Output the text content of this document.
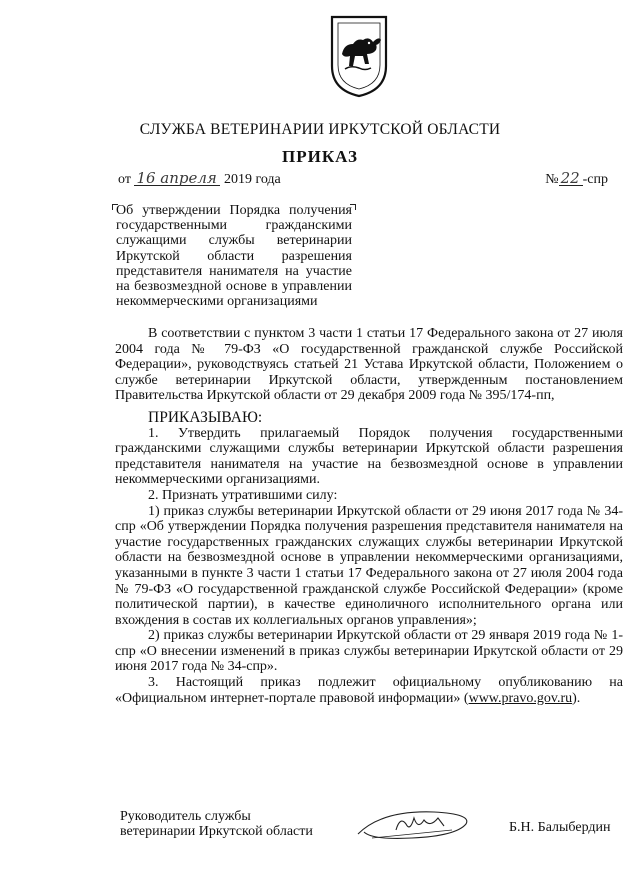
СЛУЖБА ВЕТЕРИНАРИИ ИРКУТСКОЙ ОБЛАСТИ
ПРИКАЗ
от 16 апреля 2019 года	№ 22 -спр
Об утверждении Порядка получения государственными гражданскими служащими службы ветеринарии Иркутской области разрешения представителя нанимателя на участие на безвозмездной основе в управлении некоммерческими организациями

В соответствии с пунктом 3 части 1 статьи 17 Федерального закона от 27 июля 2004 года № 79-ФЗ «О государственной гражданской службе Российской Федерации», руководствуясь статьей 21 Устава Иркутской области, Положением о службе ветеринарии Иркутской области, утвержденным постановлением Правительства Иркутской области от 29 декабря 2009 года № 395/174-пп,

ПРИКАЗЫВАЮ:

1. Утвердить прилагаемый Порядок получения государственными гражданскими служащими службы ветеринарии Иркутской области разрешения представителя нанимателя на участие на безвозмездной основе в управлении некоммерческими организациями.

2. Признать утратившими силу:

1) приказ службы ветеринарии Иркутской области от 29 июня 2017 года № 34-спр «Об утверждении Порядка получения разрешения представителя нанимателя на участие государственных гражданских служащих службы ветеринарии Иркутской области на безвозмездной основе в управлении некоммерческими организациями, указанными в пункте 3 части 1 статьи 17 Федерального закона от 27 июля 2004 года № 79-ФЗ «О государственной гражданской службе Российской Федерации» (кроме политической партии), в качестве единоличного исполнительного органа или вхождения в состав их коллегиальных органов управления»;

2) приказ службы ветеринарии Иркутской области от 29 января 2019 года № 1-спр «О внесении изменений в приказ службы ветеринарии Иркутской области от 29 июня 2017 года № 34-спр».

3. Настоящий приказ подлежит официальному опубликованию на «Официальном интернет-портале правовой информации» (www.pravo.gov.ru).

Руководитель службы
ветеринарии Иркутской области	Б.Н. Балыбердин
